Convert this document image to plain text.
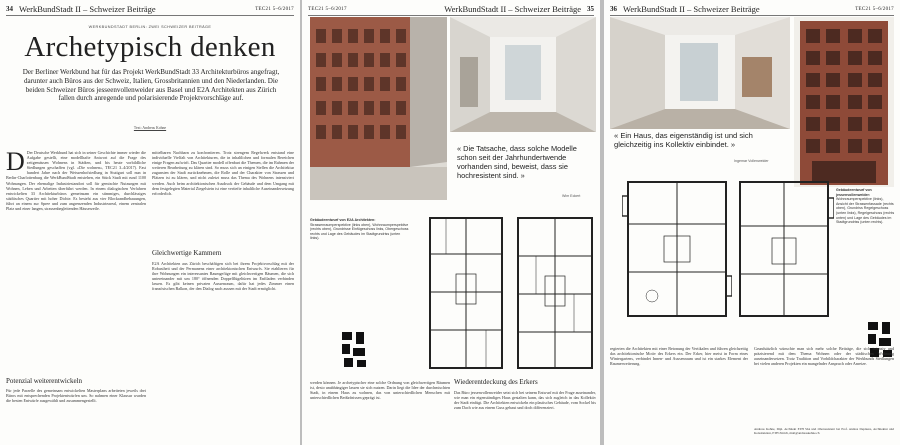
34 WerkBundStadt II – Schweizer Beiträge	TEC21 5–6/2017
WERKBUNDSTADT BERLIN: ZWEI SCHWEIZER BEITRÄGE
Archetypisch denken
Der Berliner Werkbund hat für das Projekt WerkBundStadt 33 Architekturbüros angefragt, darunter auch Büros aus der Schweiz, Italien, Grossbritannien und den Niederlanden. Die beiden Schweizer Büros jesseenvollenweider aus Basel und E2A Architekten aus Zürich fallen durch anregende und polarisierende Projektvorschläge auf.
Text: Andreas Kohne
D Der Deutsche Werkbund hat sich in seiner Geschichte immer wieder die Aufgabe gestellt, eine modellhafte Antwort auf die Frage des zeitgemässen Wohnens in Städten, und bis heute vorbildliche Siedlungen geschaffen (vgl. «Die wohnen», TEC21 3–4/2017). Fast hundert Jahre nach der Weissenhofsiedlung in Stuttgart soll nun in Berlin-Charlottenburg die WerkBundStadt entstehen, ein Stück Stadt mit rund 1100 Wohnungen. Der ehemalige Industriestandort soll für gemischte Nutzungen mit Wohnen, Leben und Arbeiten überführt werden. In einem dialogischen Verfahren entwickelten 33 Architekturbüros gemeinsam ein stimmiges, durchlässiges städtisches Quartier mit hoher Dichte. Es besteht aus vier Blockrandbebauungen, führt an einem zur Spree und zum angrenzenden Industrieareal, einem zentralen Platz und einer langen, strassenbegleitenden Häuserzeile.
Potenzial weiterentwickeln
Für jede Parzelle des gemeinsam entwickelten Masterplans arbeiteten jeweils drei Büros mit entsprechenden Projektentwürfen um. So nahmen einer Klausur wurden die besten Entwürfe ausgewählt und zusammengestellt.
mittelbaren Nachbarn zu konfrontieren. Trotz strengem Regelwerk entstand eine individuelle Vielfalt von Architekturen, die in inhaltlichen und formalen Bereichen einige Fragen aufwirft. Das Quartier modell offenbart die Themen, die im Rahmen der weiteren Bearbeitung zu klären sind. So muss sich an einigen Stellen die Architektur zugunsten der Stadt zurücknehmen, die Rolle und der Charakter von Strassen und Plätzen ist zu klären, und nicht zuletzt muss das Thema des Wohnens intensiviert werden. Auch beim architektonischen Ausdruck der Gebäude und dem Umgang mit dem festgelegten Material Ziegelstein ist eine vertiefte inhaltliche Auseinandersetzung erforderlich.
Gleichwertige Kammern
E2A Architekten aus Zürich beschäftigen sich bei ihrem Projektvorschlag mit der Robustheit und der Permanenz einer architektonischen Entwurfs. Sie etablieren für ihre Wohnungen ein interessantes Raumgefüge mit gleichwertigen Räumen, die sich untereinander mit um 180° öffnenden Doppelflügeltüren im Enfiladen verbinden lassen. Es gibt keinen privaten Aussenraum, dafür hat jedes Zimmer einen französischen Balkon, der den Dialog nach aussen mit der Stadt ermöglicht.
TEC21 5–6/2017	WerkBundStadt II – Schweizer Beiträge 35
« Die Tatsache, dass solche Modelle schon seit der Jahrhundertwende vorhanden sind, beweist, dass sie hochresistent sind. »
Wim Eckert
Gebäudeentwurf von E2A Architekten:
Strassenraumperspektive (links oben), Wohnraumperspektive (rechts oben), Grundrisse Einfügeschoss links, Obergeschoss rechts und Lage des Gebäudes im Stadtgrundriss (unten links).
werden können. Je archetypischer eine solche Ordnung von gleichwertigen Räumen ist, desto unabhängiger lassen sie sich nutzen. Darin liegt die Idee der durchmischten Stadt, in einem Haus zu wohnen, das von unterschiedlichen Menschen mit unterschiedlichen Bedürfnissen geprägt ist.
Wiederentdeckung des Erkers
Das Büro jessenvollenweider setzt sich bei seinem Entwurf mit der Frage auseinander, wie man ein eigenständiges Haus gestalten kann, das sich zugleich in das Kollektiv der Stadt einfügt. Die Architekten entwickeln ein plastisches Gebäude, vom Sockel bis zum Dach wie aus einem Guss gebaut und doch differenziert.
36 WerkBundStadt II – Schweizer Beiträge	TEC21 5–6/2017
« Ein Haus, das eigenständig ist und sich gleichzeitig ins Kollektiv einbindet. »
Ingemar Vollenweider
Gebäudeentwurf von jessenvollenweider:
Wohnraumperspektive (links), Ansicht der Strassenfassade (rechts oben), Grundriss Regelgeschoss (unten links), Regelgeschoss (rechts unten) und Lage des Gebäudes im Stadtgrundriss (unten rechts).
regierten die Architekten mit einer Betonung der Vertikalen und führen gleichzeitig das architektonische Motiv des Erkers ein. Der Erker, hier meist in Form eines Wintergartens, verbindet Innen- und Aussenraum und ist ein starkes Element der Raumerweiterung.
Grundsätzlich wünschte man sich mehr solche Beiträge, die sich intensiv und präzisierend mit dem Thema Wohnen oder der städtischen Wohnung auseinandersetzen. Trotz Tradition und Vorbildcharakter der Werkbunds Siedlungen bei vielen anderen Projekten ein mangelnder Anspruch oder Anreize.
Andreas Kohne, Dipl. Architekt ETH SIA und Oberassistent bei Prof. Andrea Deplazes, Architektur und Konstruktion, ETH Zürich, mail@andreaskohne.ch
